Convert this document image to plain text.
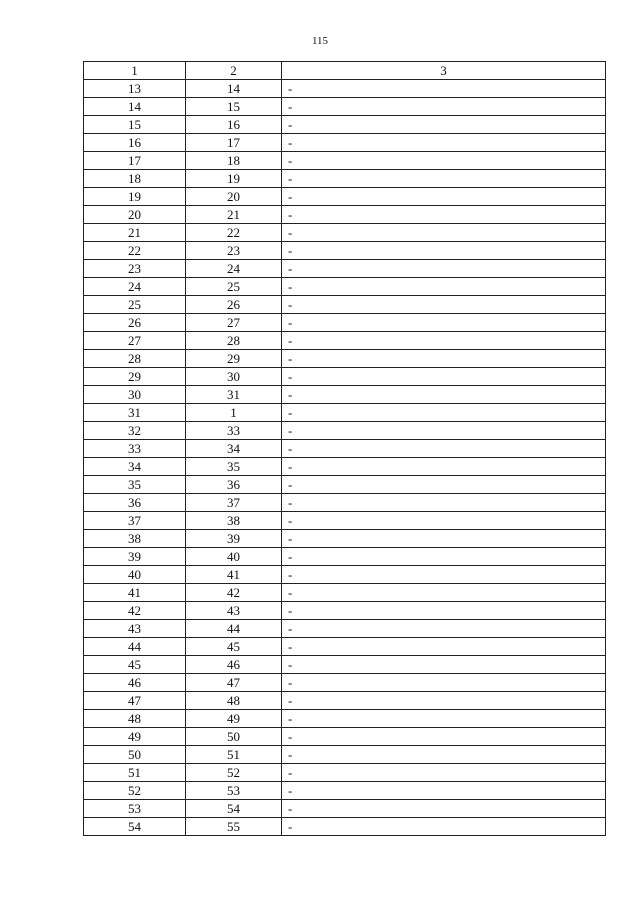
115
1	2	3
13	14	-
14	15	-
15	16	-
16	17	-
17	18	-
18	19	-
19	20	-
20	21	-
21	22	-
22	23	-
23	24	-
24	25	-
25	26	-
26	27	-
27	28	-
28	29	-
29	30	-
30	31	-
31	1	-
32	33	-
33	34	-
34	35	-
35	36	-
36	37	-
37	38	-
38	39	-
39	40	-
40	41	-
41	42	-
42	43	-
43	44	-
44	45	-
45	46	-
46	47	-
47	48	-
48	49	-
49	50	-
50	51	-
51	52	-
52	53	-
53	54	-
54	55	-
